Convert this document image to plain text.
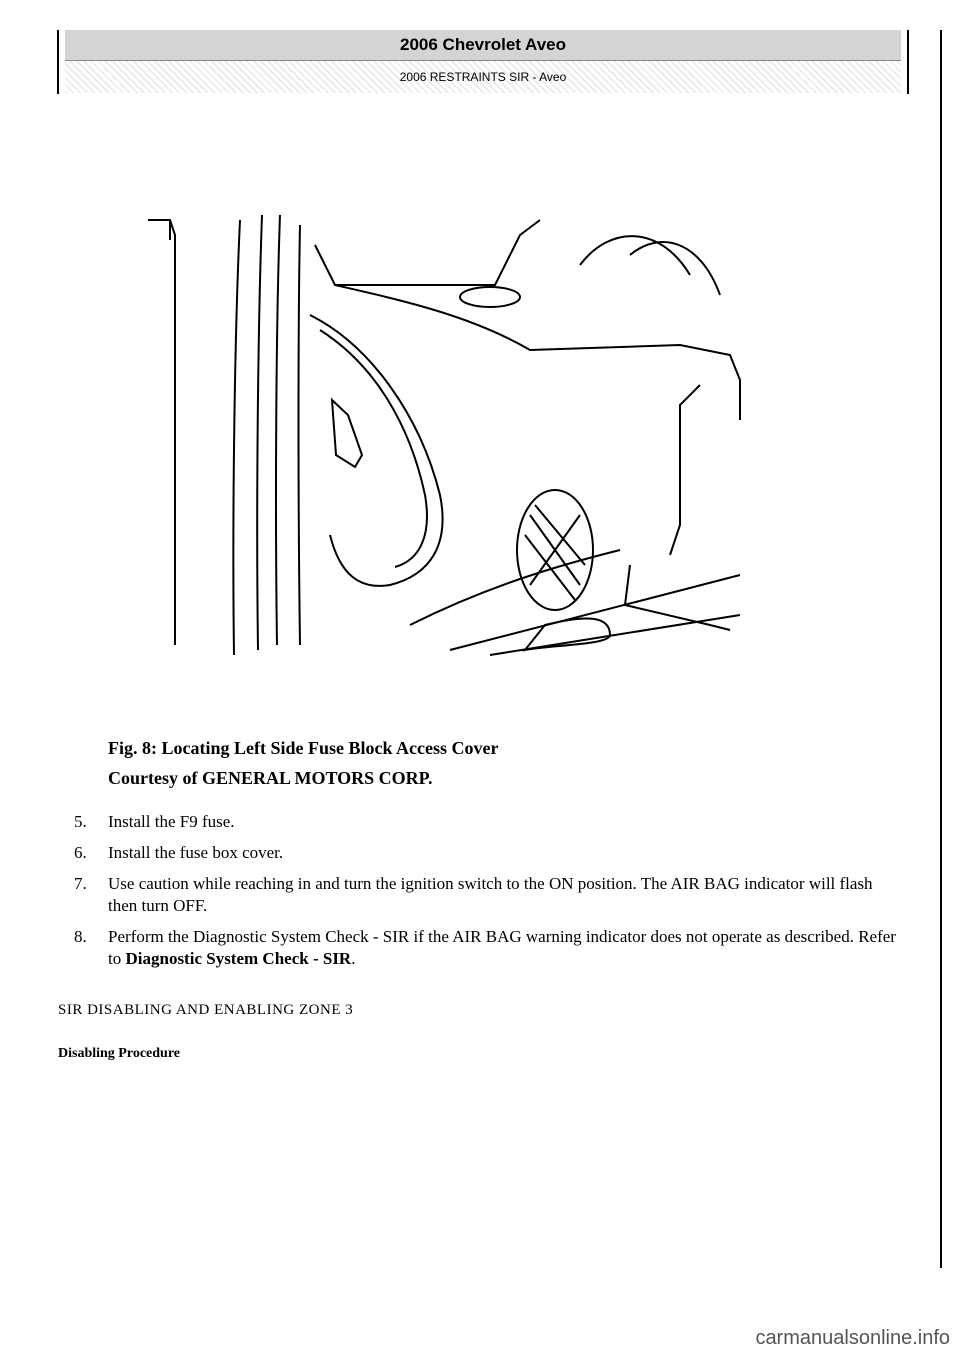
2006 Chevrolet Aveo
2006 RESTRAINTS SIR - Aveo
Fig. 8: Locating Left Side Fuse Block Access Cover
Courtesy of GENERAL MOTORS CORP.
5.	Install the F9 fuse.
6.	Install the fuse box cover.
7.	Use caution while reaching in and turn the ignition switch to the ON position. The AIR BAG indicator will flash then turn OFF.
8.	Perform the Diagnostic System Check - SIR if the AIR BAG warning indicator does not operate as described. Refer to Diagnostic System Check - SIR.
SIR DISABLING AND ENABLING ZONE 3
Disabling Procedure
carmanualsonline.info
